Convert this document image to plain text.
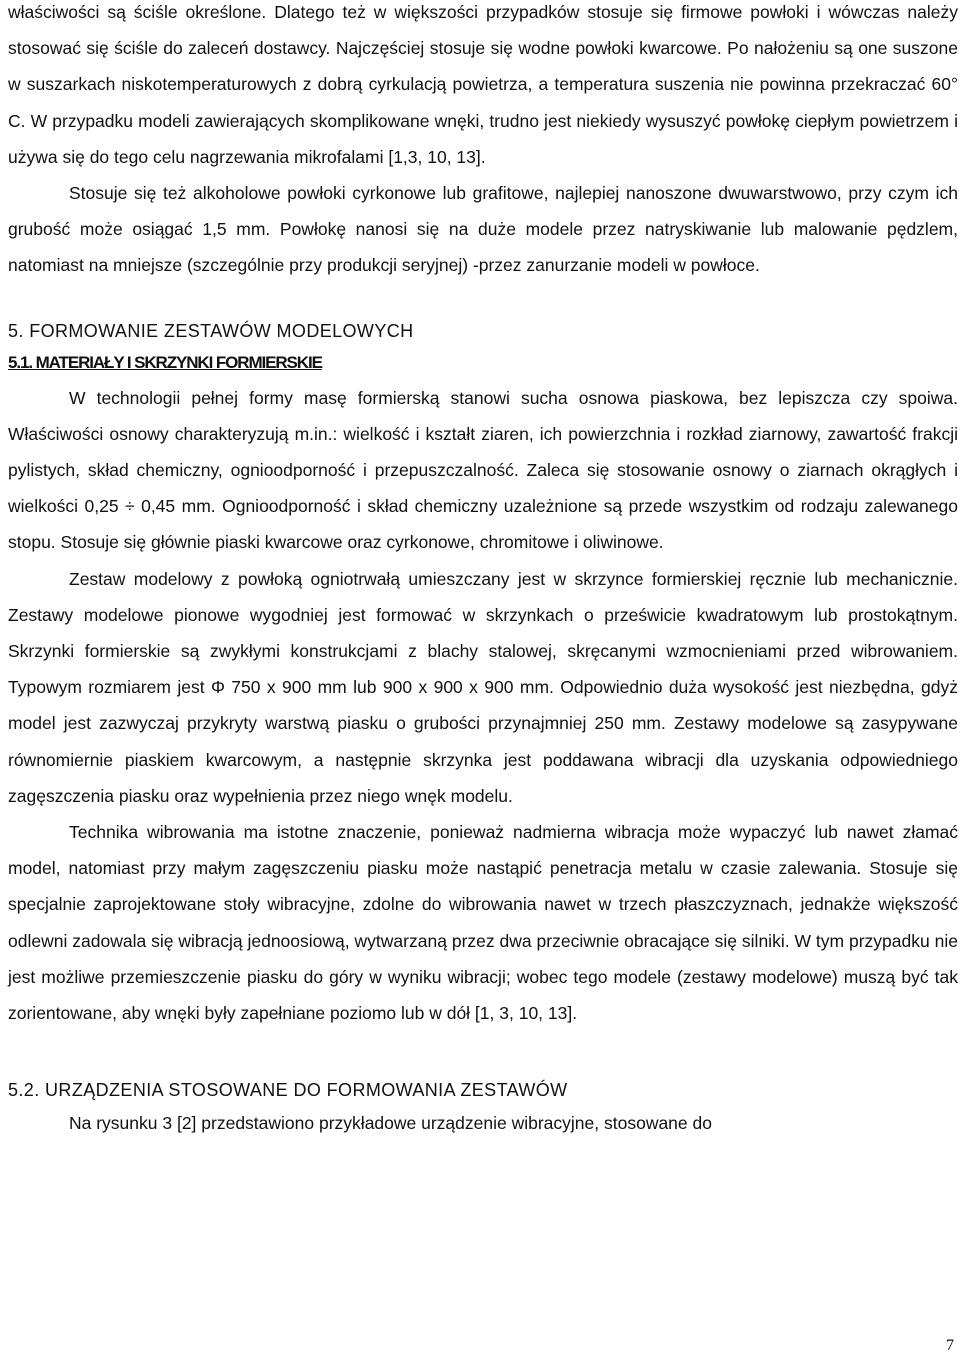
właściwości są ściśle określone. Dlatego też w większości przypadków stosuje się firmowe powłoki i wówczas należy stosować się ściśle do zaleceń dostawcy. Najczęściej stosuje się wodne powłoki kwarcowe. Po nałożeniu są one suszone w suszarkach niskotemperaturowych z dobrą cyrkulacją powietrza, a temperatura suszenia nie powinna przekraczać 60° C. W przypadku modeli zawierających skomplikowane wnęki, trudno jest niekiedy wysuszyć powłokę ciepłym powietrzem i używa się do tego celu nagrzewania mikrofalami [1,3, 10, 13].

Stosuje się też alkoholowe powłoki cyrkonowe lub grafitowe, najlepiej nanoszone dwuwarstwowo, przy czym ich grubość może osiągać 1,5 mm. Powłokę nanosi się na duże modele przez natryskiwanie lub malowanie pędzlem, natomiast na mniejsze (szczególnie przy produkcji seryjnej) -przez zanurzanie modeli w powłoce.

5. FORMOWANIE ZESTAWÓW MODELOWYCH
5.1. MATERIAŁY I SKRZYNKI FORMIERSKIE

W technologii pełnej formy masę formierską stanowi sucha osnowa piaskowa, bez lepiszcza czy spoiwa. Właściwości osnowy charakteryzują m.in.: wielkość i kształt ziaren, ich powierzchnia i rozkład ziarnowy, zawartość frakcji pylistych, skład chemiczny, ognioodporność i przepuszczalność. Zaleca się stosowanie osnowy o ziarnach okrągłych i wielkości 0,25 ÷ 0,45 mm. Ognioodporność i skład chemiczny uzależnione są przede wszystkim od rodzaju zalewanego stopu. Stosuje się głównie piaski kwarcowe oraz cyrkonowe, chromitowe i oliwinowe.

Zestaw modelowy z powłoką ogniotrwałą umieszczany jest w skrzynce formierskiej ręcznie lub mechanicznie. Zestawy modelowe pionowe wygodniej jest formować w skrzynkach o prześwicie kwadratowym lub prostokątnym. Skrzynki formierskie są zwykłymi konstrukcjami z blachy stalowej, skręcanymi wzmocnieniami przed wibrowaniem. Typowym rozmiarem jest Φ 750 x 900 mm lub 900 x 900 x 900 mm. Odpowiednio duża wysokość jest niezbędna, gdyż model jest zazwyczaj przykryty warstwą piasku o grubości przynajmniej 250 mm. Zestawy modelowe są zasypywane równomiernie piaskiem kwarcowym, a następnie skrzynka jest poddawana wibracji dla uzyskania odpowiedniego zagęszczenia piasku oraz wypełnienia przez niego wnęk modelu.

Technika wibrowania ma istotne znaczenie, ponieważ nadmierna wibracja może wypaczyć lub nawet złamać model, natomiast przy małym zagęszczeniu piasku może nastąpić penetracja metalu w czasie zalewania. Stosuje się specjalnie zaprojektowane stoły wibracyjne, zdolne do wibrowania nawet w trzech płaszczyznach, jednakże większość odlewni zadowala się wibracją jednoosiową, wytwarzaną przez dwa przeciwnie obracające się silniki. W tym przypadku nie jest możliwe przemieszczenie piasku do góry w wyniku wibracji; wobec tego modele (zestawy modelowe) muszą być tak zorientowane, aby wnęki były zapełniane poziomo lub w dół [1, 3, 10, 13].

5.2. URZĄDZENIA STOSOWANE DO FORMOWANIA ZESTAWÓW

Na rysunku 3 [2] przedstawiono przykładowe urządzenie wibracyjne, stosowane do

7
